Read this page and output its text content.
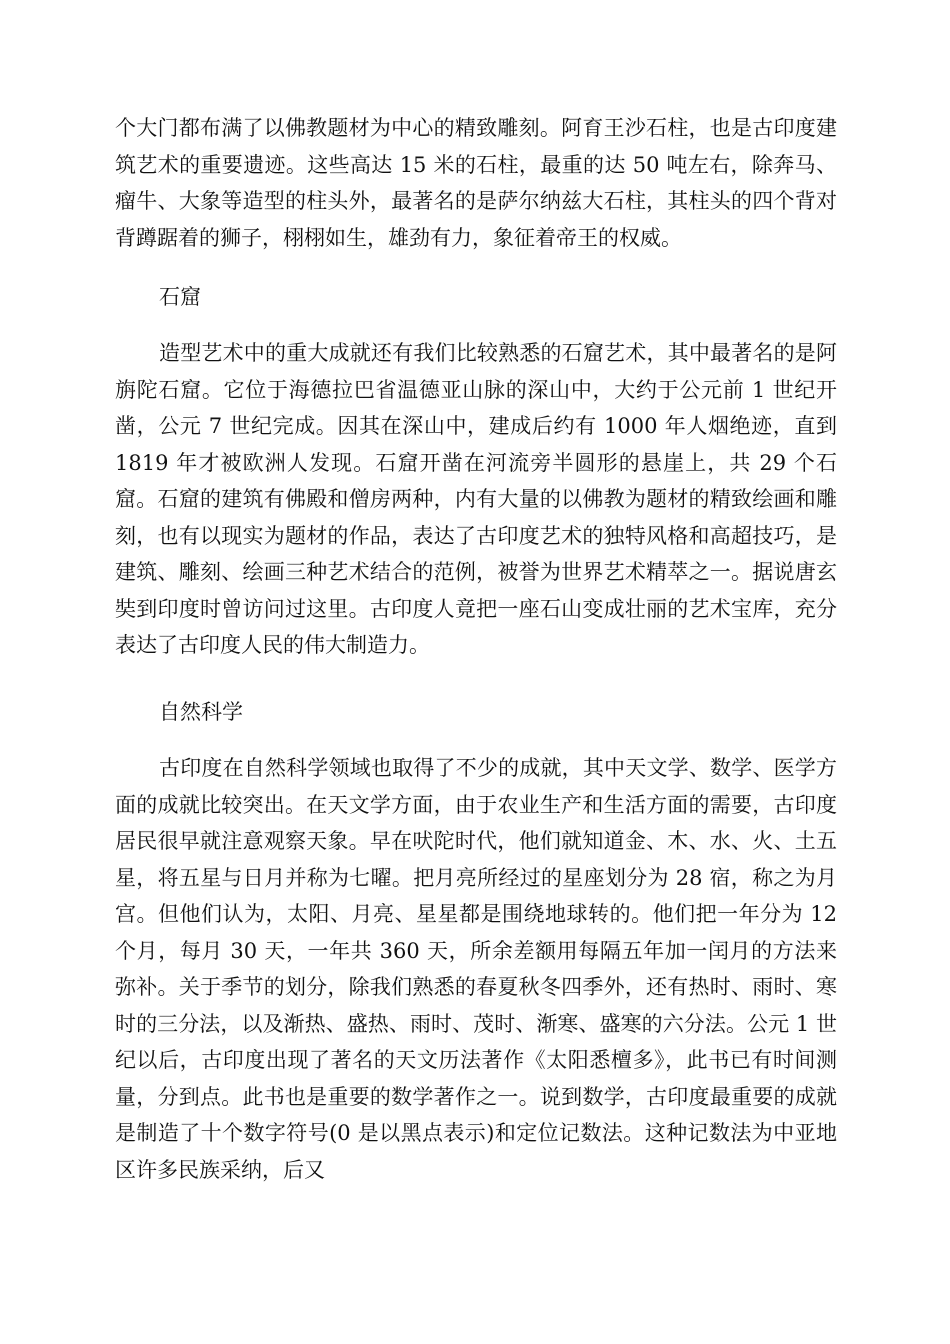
个大门都布满了以佛教题材为中心的精致雕刻。阿育王沙石柱，也是古印度建筑艺术的重要遗迹。这些高达 15 米的石柱，最重的达 50 吨左右，除奔马、瘤牛、大象等造型的柱头外，最著名的是萨尔纳兹大石柱，其柱头的四个背对背蹲踞着的狮子，栩栩如生，雄劲有力，象征着帝王的权威。

石窟

造型艺术中的重大成就还有我们比较熟悉的石窟艺术，其中最著名的是阿旃陀石窟。它位于海德拉巴省温德亚山脉的深山中，大约于公元前 1 世纪开凿，公元 7 世纪完成。因其在深山中，建成后约有 1000 年人烟绝迹，直到 1819 年才被欧洲人发现。石窟开凿在河流旁半圆形的悬崖上，共 29 个石窟。石窟的建筑有佛殿和僧房两种，内有大量的以佛教为题材的精致绘画和雕刻，也有以现实为题材的作品，表达了古印度艺术的独特风格和高超技巧，是建筑、雕刻、绘画三种艺术结合的范例，被誉为世界艺术精萃之一。据说唐玄奘到印度时曾访问过这里。古印度人竟把一座石山变成壮丽的艺术宝库，充分表达了古印度人民的伟大制造力。

自然科学

古印度在自然科学领域也取得了不少的成就，其中天文学、数学、医学方面的成就比较突出。在天文学方面，由于农业生产和生活方面的需要，古印度居民很早就注意观察天象。早在吠陀时代，他们就知道金、木、水、火、土五星，将五星与日月并称为七曜。把月亮所经过的星座划分为 28 宿，称之为月宫。但他们认为，太阳、月亮、星星都是围绕地球转的。他们把一年分为 12 个月，每月 30 天，一年共 360 天，所余差额用每隔五年加一闰月的方法来弥补。关于季节的划分，除我们熟悉的春夏秋冬四季外，还有热时、雨时、寒时的三分法，以及渐热、盛热、雨时、茂时、渐寒、盛寒的六分法。公元 1 世纪以后，古印度出现了著名的天文历法著作《太阳悉檀多》，此书已有时间测量，分到点。此书也是重要的数学著作之一。说到数学，古印度最重要的成就是制造了十个数字符号(0 是以黑点表示)和定位记数法。这种记数法为中亚地区许多民族采纳，后又
